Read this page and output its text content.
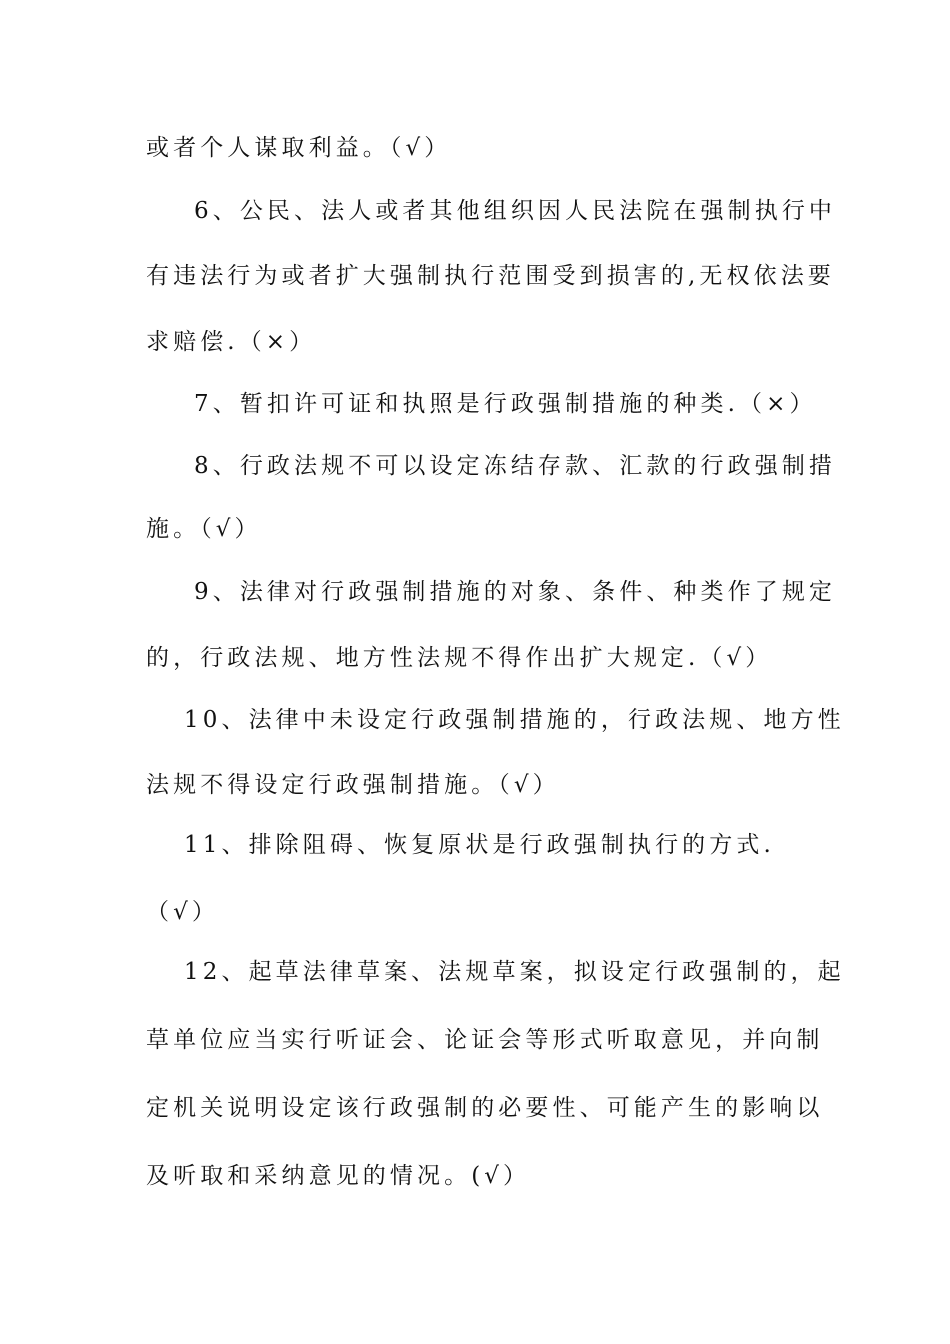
或者个人谋取利益。（√）
6、公民、法人或者其他组织因人民法院在强制执行中
有违法行为或者扩大强制执行范围受到损害的,无权依法要
求赔偿.（×）
7、暂扣许可证和执照是行政强制措施的种类.（×）
8、行政法规不可以设定冻结存款、汇款的行政强制措
施。（√）
9、法律对行政强制措施的对象、条件、种类作了规定
的，行政法规、地方性法规不得作出扩大规定.（√）
10、法律中未设定行政强制措施的，行政法规、地方性
法规不得设定行政强制措施。（√）
11、排除阻碍、恢复原状是行政强制执行的方式.
（√）
12、起草法律草案、法规草案，拟设定行政强制的，起
草单位应当实行听证会、论证会等形式听取意见，并向制
定机关说明设定该行政强制的必要性、可能产生的影响以
及听取和采纳意见的情况。(√）
